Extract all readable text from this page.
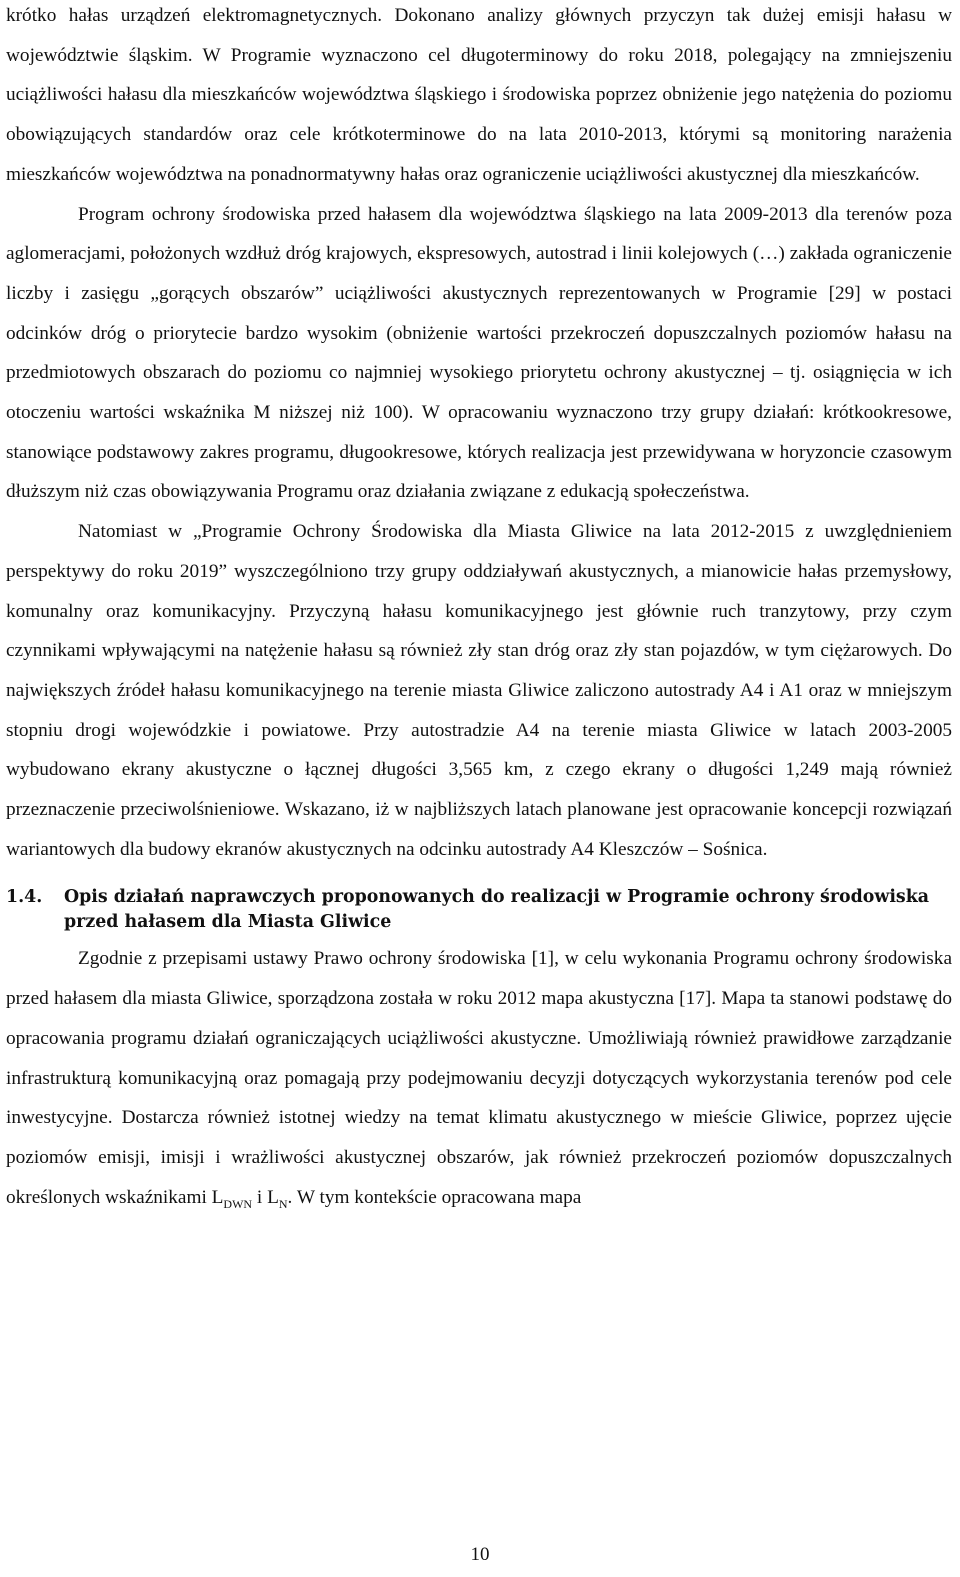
krótko hałas urządzeń elektromagnetycznych. Dokonano analizy głównych przyczyn tak dużej emisji hałasu w województwie śląskim. W Programie wyznaczono cel długoterminowy do roku 2018, polegający na zmniejszeniu uciążliwości hałasu dla mieszkańców województwa śląskiego i środowiska poprzez obniżenie jego natężenia do poziomu obowiązujących standardów oraz cele krótkoterminowe do na lata 2010-2013, którymi są monitoring narażenia mieszkańców województwa na ponadnormatywny hałas oraz ograniczenie uciążliwości akustycznej dla mieszkańców.

Program ochrony środowiska przed hałasem dla województwa śląskiego na lata 2009-2013 dla terenów poza aglomeracjami, położonych wzdłuż dróg krajowych, ekspresowych, autostrad i linii kolejowych (…) zakłada ograniczenie liczby i zasięgu „gorących obszarów” uciążliwości akustycznych reprezentowanych w Programie [29] w postaci odcinków dróg o priorytecie bardzo wysokim (obniżenie wartości przekroczeń dopuszczalnych poziomów hałasu na przedmiotowych obszarach do poziomu co najmniej wysokiego priorytetu ochrony akustycznej – tj. osiągnięcia w ich otoczeniu wartości wskaźnika M niższej niż 100). W opracowaniu wyznaczono trzy grupy działań: krótkookresowe, stanowiące podstawowy zakres programu, długookresowe, których realizacja jest przewidywana w horyzoncie czasowym dłuższym niż czas obowiązywania Programu oraz działania związane z edukacją społeczeństwa.

Natomiast w „Programie Ochrony Środowiska dla Miasta Gliwice na lata 2012-2015 z uwzględnieniem perspektywy do roku 2019” wyszczególniono trzy grupy oddziaływań akustycznych, a mianowicie hałas przemysłowy, komunalny oraz komunikacyjny. Przyczyną hałasu komunikacyjnego jest głównie ruch tranzytowy, przy czym czynnikami wpływającymi na natężenie hałasu są również zły stan dróg oraz zły stan pojazdów, w tym ciężarowych. Do największych źródeł hałasu komunikacyjnego na terenie miasta Gliwice zaliczono autostrady A4 i A1 oraz w mniejszym stopniu drogi wojewódzkie i powiatowe. Przy autostradzie A4 na terenie miasta Gliwice w latach 2003-2005 wybudowano ekrany akustyczne o łącznej długości 3,565 km, z czego ekrany o długości 1,249 mają również przeznaczenie przeciwolśnieniowe. Wskazano, iż w najbliższych latach planowane jest opracowanie koncepcji rozwiązań wariantowych dla budowy ekranów akustycznych na odcinku autostrady A4 Kleszczów – Sośnica.

1.4. Opis działań naprawczych proponowanych do realizacji w Programie ochrony środowiska przed hałasem dla Miasta Gliwice

Zgodnie z przepisami ustawy Prawo ochrony środowiska [1], w celu wykonania Programu ochrony środowiska przed hałasem dla miasta Gliwice, sporządzona została w roku 2012 mapa akustyczna [17]. Mapa ta stanowi podstawę do opracowania programu działań ograniczających uciążliwości akustyczne. Umożliwiają również prawidłowe zarządzanie infrastrukturą komunikacyjną oraz pomagają przy podejmowaniu decyzji dotyczących wykorzystania terenów pod cele inwestycyjne. Dostarcza również istotnej wiedzy na temat klimatu akustycznego w mieście Gliwice, poprzez ujęcie poziomów emisji, imisji i wrażliwości akustycznej obszarów, jak również przekroczeń poziomów dopuszczalnych określonych wskaźnikami $L_{DWN}$ i $L_N$. W tym kontekście opracowana mapa

10
